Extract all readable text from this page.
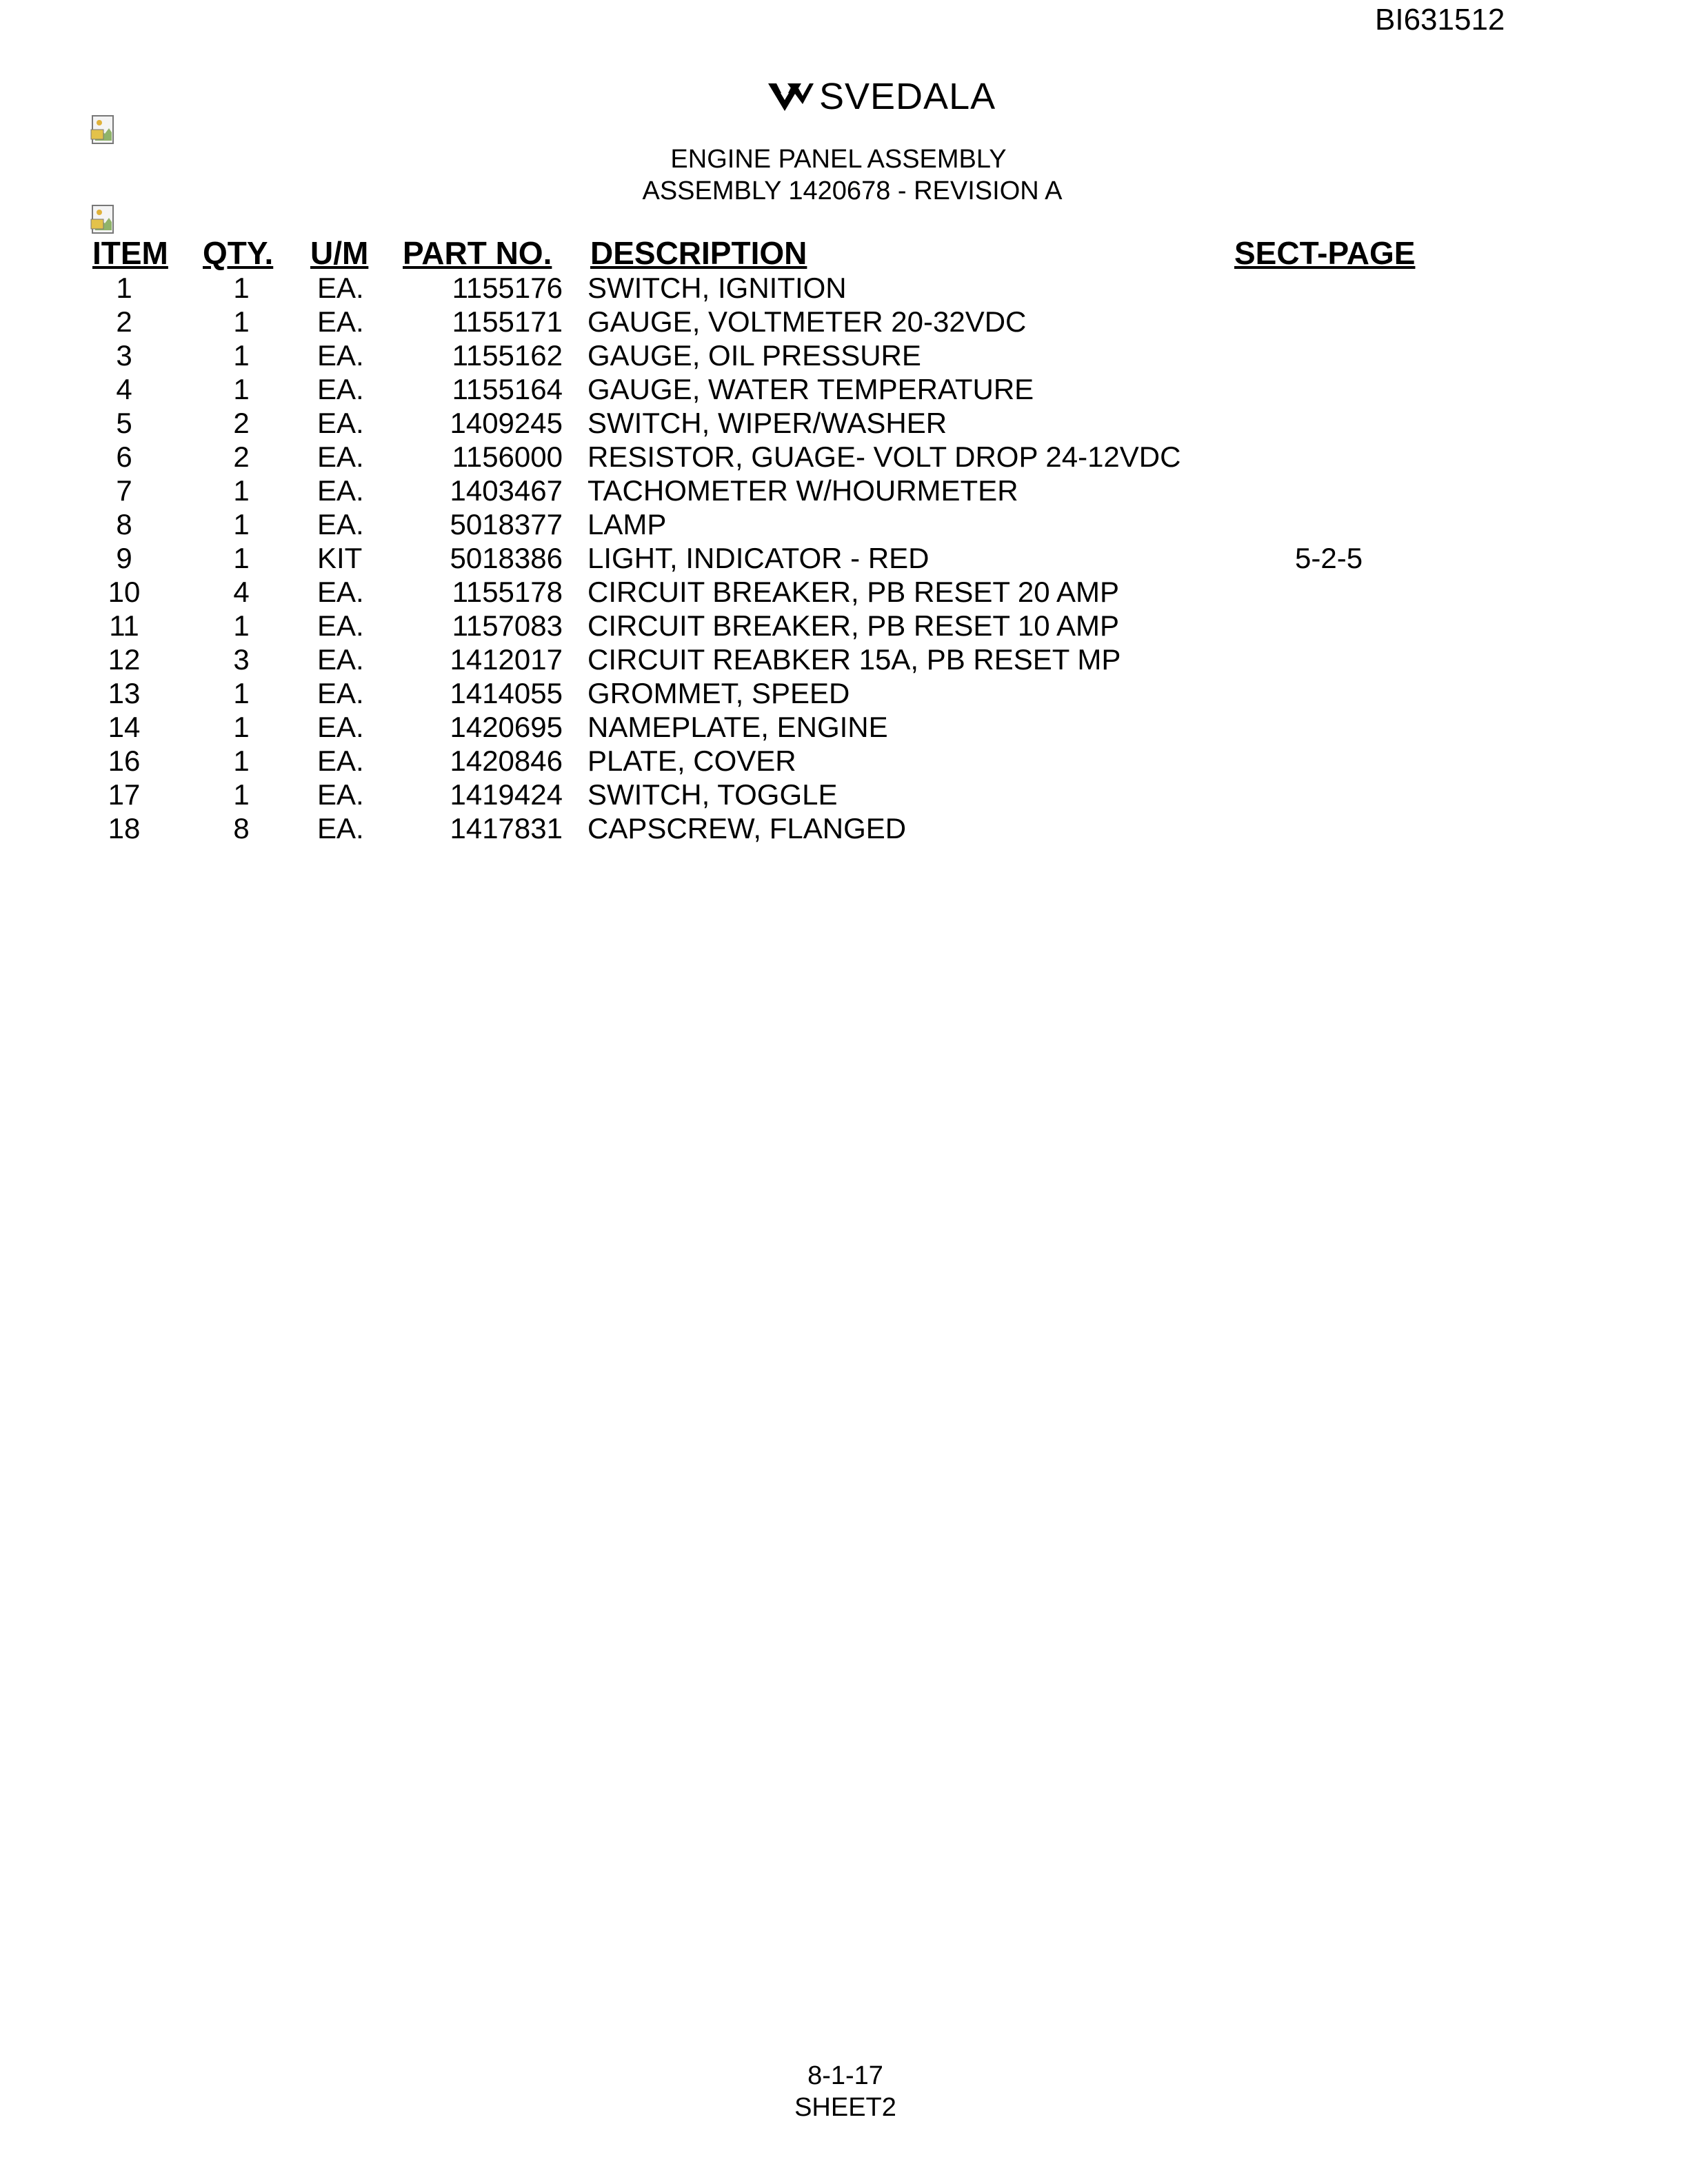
BI631512
SVEDALA
ENGINE PANEL ASSEMBLY
ASSEMBLY 1420678 - REVISION A
ITEM QTY. U/M PART NO. DESCRIPTION	SECT-PAGE
1	1	EA.	1155176 SWITCH, IGNITION
2	1	EA.	1155171 GAUGE, VOLTMETER 20-32VDC
3	1	EA.	1155162 GAUGE, OIL PRESSURE
4	1	EA.	1155164 GAUGE, WATER TEMPERATURE
5	2	EA.	1409245 SWITCH, WIPER/WASHER
6	2	EA.	1156000 RESISTOR, GUAGE- VOLT DROP 24-12VDC
7	1	EA.	1403467 TACHOMETER W/HOURMETER
8	1	EA.	5018377 LAMP
9	1	KIT	5018386 LIGHT, INDICATOR - RED	5-2-5
10	4	EA.	1155178 CIRCUIT BREAKER, PB RESET 20 AMP
11	1	EA.	1157083 CIRCUIT BREAKER, PB RESET 10 AMP
12	3	EA.	1412017 CIRCUIT REABKER 15A, PB RESET MP
13	1	EA.	1414055 GROMMET, SPEED
14	1	EA.	1420695 NAMEPLATE, ENGINE
16	1	EA.	1420846 PLATE, COVER
17	1	EA.	1419424 SWITCH, TOGGLE
18	8	EA.	1417831 CAPSCREW, FLANGED
8-1-17
SHEET2
